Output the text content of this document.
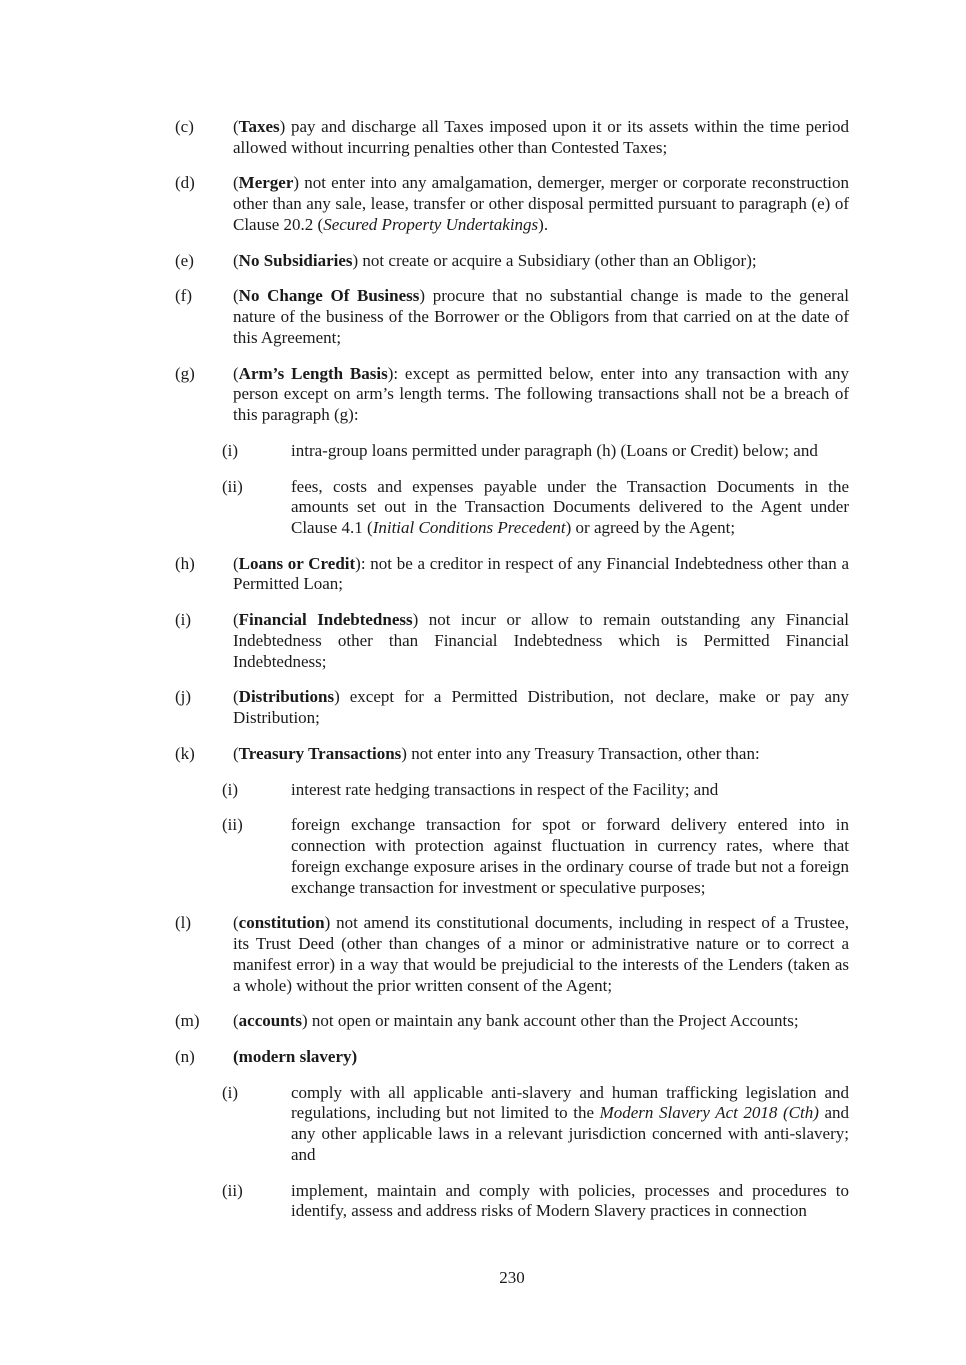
(c)	(Taxes) pay and discharge all Taxes imposed upon it or its assets within the time period allowed without incurring penalties other than Contested Taxes;
(d)	(Merger) not enter into any amalgamation, demerger, merger or corporate reconstruction other than any sale, lease, transfer or other disposal permitted pursuant to paragraph (e) of Clause 20.2 (Secured Property Undertakings).
(e)	(No Subsidiaries) not create or acquire a Subsidiary (other than an Obligor);
(f)	(No Change Of Business) procure that no substantial change is made to the general nature of the business of the Borrower or the Obligors from that carried on at the date of this Agreement;
(g)	(Arm’s Length Basis): except as permitted below, enter into any transaction with any person except on arm’s length terms. The following transactions shall not be a breach of this paragraph (g):
(i)	intra-group loans permitted under paragraph (h) (Loans or Credit) below; and
(ii)	fees, costs and expenses payable under the Transaction Documents in the amounts set out in the Transaction Documents delivered to the Agent under Clause 4.1 (Initial Conditions Precedent) or agreed by the Agent;
(h)	(Loans or Credit): not be a creditor in respect of any Financial Indebtedness other than a Permitted Loan;
(i)	(Financial Indebtedness) not incur or allow to remain outstanding any Financial Indebtedness other than Financial Indebtedness which is Permitted Financial Indebtedness;
(j)	(Distributions) except for a Permitted Distribution, not declare, make or pay any Distribution;
(k)	(Treasury Transactions) not enter into any Treasury Transaction, other than:
(i)	interest rate hedging transactions in respect of the Facility; and
(ii)	foreign exchange transaction for spot or forward delivery entered into in connection with protection against fluctuation in currency rates, where that foreign exchange exposure arises in the ordinary course of trade but not a foreign exchange transaction for investment or speculative purposes;
(l)	(constitution) not amend its constitutional documents, including in respect of a Trustee, its Trust Deed (other than changes of a minor or administrative nature or to correct a manifest error) in a way that would be prejudicial to the interests of the Lenders (taken as a whole) without the prior written consent of the Agent;
(m)	(accounts) not open or maintain any bank account other than the Project Accounts;
(n)	(modern slavery)
(i)	comply with all applicable anti-slavery and human trafficking legislation and regulations, including but not limited to the Modern Slavery Act 2018 (Cth) and any other applicable laws in a relevant jurisdiction concerned with anti-slavery; and
(ii)	implement, maintain and comply with policies, processes and procedures to identify, assess and address risks of Modern Slavery practices in connection
230
